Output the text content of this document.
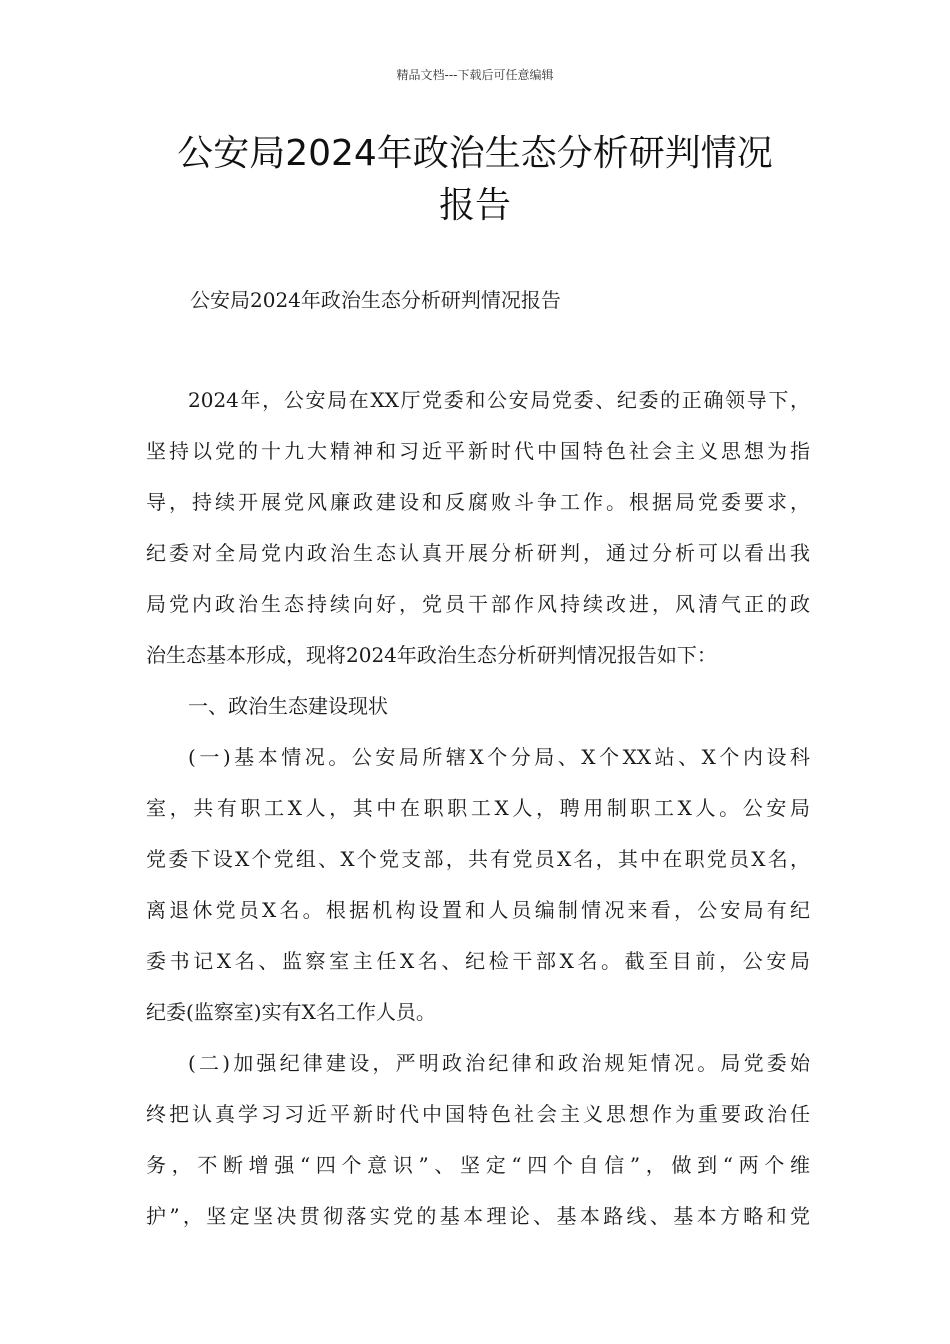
精品文档---下载后可任意编辑
公安局2024年政治生态分析研判情况
报告
公安局2024年政治生态分析研判情况报告
2024年，公安局在XX厅党委和公安局党委、纪委的正确领导下，
坚持以党的十九大精神和习近平新时代中国特色社会主义思想为指
导，持续开展党风廉政建设和反腐败斗争工作。根据局党委要求，
纪委对全局党内政治生态认真开展分析研判，通过分析可以看出我
局党内政治生态持续向好，党员干部作风持续改进，风清气正的政
治生态基本形成，现将2024年政治生态分析研判情况报告如下：
一、政治生态建设现状
(一)基本情况。公安局所辖X个分局、X个XX站、X个内设科
室，共有职工X人，其中在职职工X人，聘用制职工X人。公安局
党委下设X个党组、X个党支部，共有党员X名，其中在职党员X名，
离退休党员X名。根据机构设置和人员编制情况来看，公安局有纪
委书记X名、监察室主任X名、纪检干部X名。截至目前，公安局
纪委(监察室)实有X名工作人员。
(二)加强纪律建设，严明政治纪律和政治规矩情况。局党委始
终把认真学习习近平新时代中国特色社会主义思想作为重要政治任
务，不断增强“四个意识”、坚定“四个自信”，做到“两个维
护”，坚定坚决贯彻落实党的基本理论、基本路线、基本方略和党
